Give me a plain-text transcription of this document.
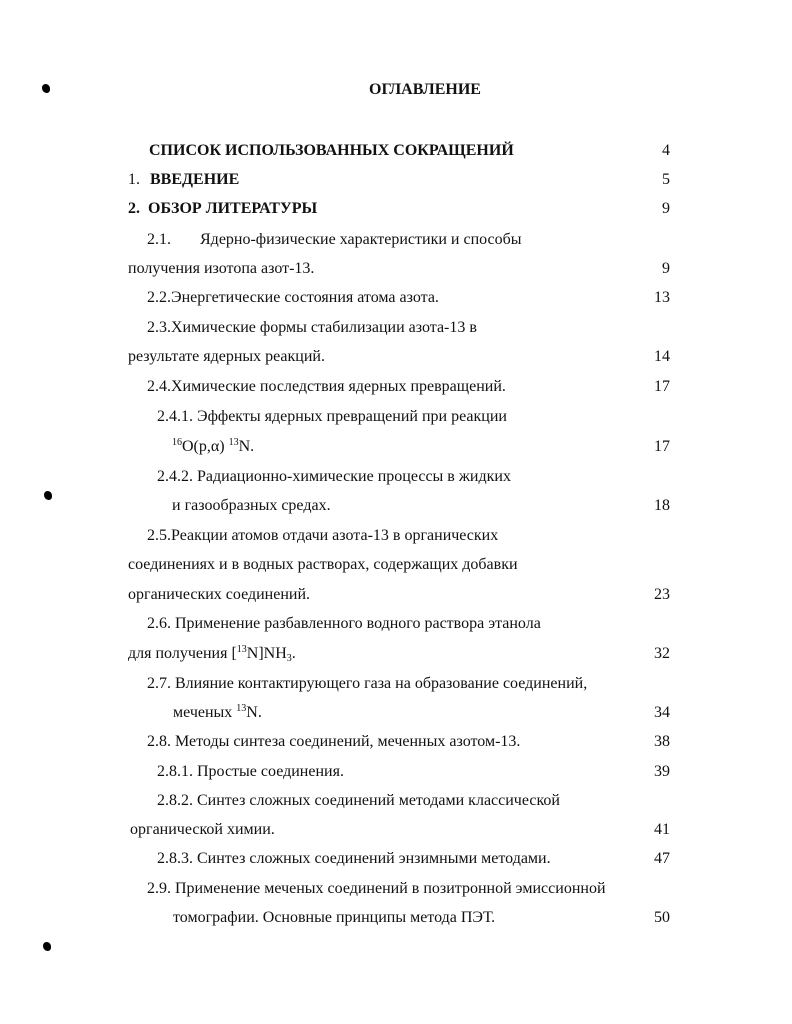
ОГЛАВЛЕНИЕ
СПИСОК ИСПОЛЬЗОВАННЫХ СОКРАЩЕНИЙ	4
1. ВВЕДЕНИЕ	5
2.  ОБЗОР ЛИТЕРАТУРЫ	9
2.1. Ядерно-физические характеристики и способы
получения изотопа азот-13.	9
2.2.Энергетические состояния атома азота.	13
2.3.Химические формы стабилизации азота-13 в
результате ядерных реакций.	14
2.4.Химические последствия ядерных превращений.	17
2.4.1. Эффекты ядерных превращений при реакции
$^{16}$O(p,α) $^{13}$N.	17
2.4.2. Радиационно-химические процессы в жидких
и газообразных средах.	18
2.5.Реакции атомов отдачи азота-13 в органических
соединениях и в водных растворах, содержащих добавки
органических соединений.	23
2.6. Применение разбавленного водного раствора этанола
для получения $[^{13}N]NH_3$.	32
2.7. Влияние контактирующего газа на образование соединений,
меченых $^{13}$N.	34
2.8. Методы синтеза соединений, меченных азотом-13.	38
2.8.1. Простые соединения.	39
2.8.2. Синтез сложных соединений методами классической
органической химии.	41
2.8.3. Синтез сложных соединений энзимными методами.	47
2.9. Применение меченых соединений в позитронной эмиссионной
томографии. Основные принципы метода ПЭТ.	50
